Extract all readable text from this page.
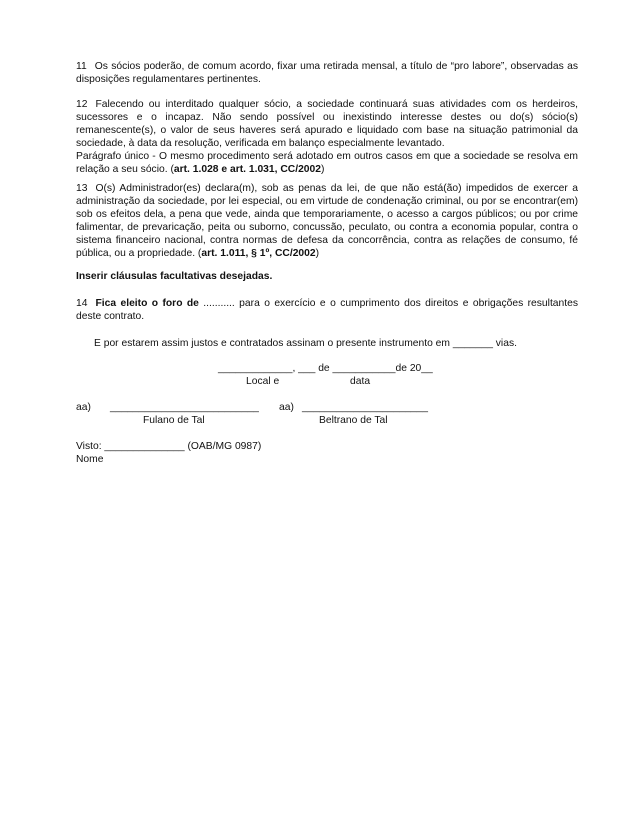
11 Os sócios poderão, de comum acordo, fixar uma retirada mensal, a título de “pro labore”, observadas as disposições regulamentares pertinentes.

12 Falecendo ou interditado qualquer sócio, a sociedade continuará suas atividades com os herdeiros, sucessores e o incapaz. Não sendo possível ou inexistindo interesse destes ou do(s) sócio(s) remanescente(s), o valor de seus haveres será apurado e liquidado com base na situação patrimonial da sociedade, à data da resolução, verificada em balanço especialmente levantado.
Parágrafo único - O mesmo procedimento será adotado em outros casos em que a sociedade se resolva em relação a seu sócio. (art. 1.028 e art. 1.031, CC/2002)

13 O(s) Administrador(es) declara(m), sob as penas da lei, de que não está(ão) impedidos de exercer a administração da sociedade, por lei especial, ou em virtude de condenação criminal, ou por se encontrar(em) sob os efeitos dela, a pena que vede, ainda que temporariamente, o acesso a cargos públicos; ou por crime falimentar, de prevaricação, peita ou suborno, concussão, peculato, ou contra a economia popular, contra o sistema financeiro nacional, contra normas de defesa da concorrência, contra as relações de consumo, fé pública, ou a propriedade. (art. 1.011, § 1º, CC/2002)

Inserir cláusulas facultativas desejadas.

14 Fica eleito o foro de ........... para o exercício e o cumprimento dos direitos e obrigações resultantes deste contrato.

E por estarem assim justos e contratados assinam o presente instrumento em _______ vias.

_____________, ___ de ___________de 20__

Local e	data

aa) __________________________

Fulano de Tal

aa) ______________________

Beltrano de Tal

Visto: ______________ (OAB/MG 0987)

Nome
